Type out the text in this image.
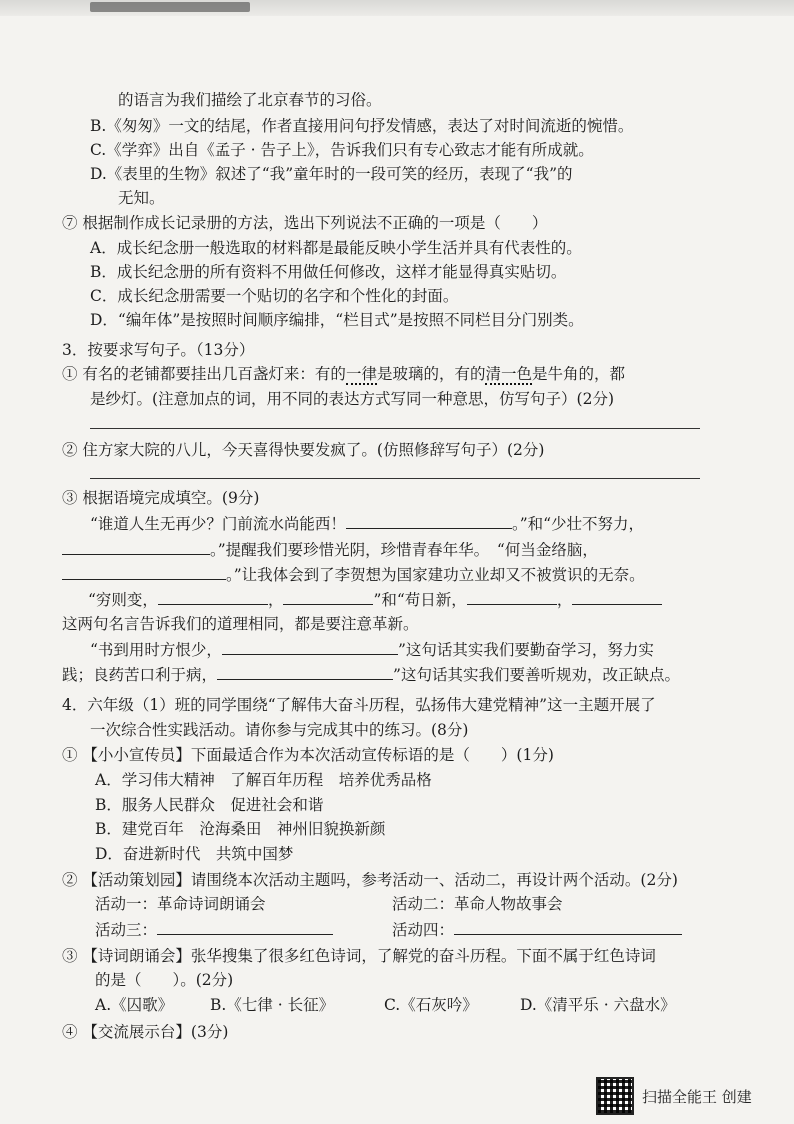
的语言为我们描绘了北京春节的习俗。
B.《匆匆》一文的结尾，作者直接用问句抒发情感，表达了对时间流逝的惋惜。
C.《学弈》出自《孟子 · 告子上》，告诉我们只有专心致志才能有所成就。
D.《表里的生物》叙述了“我”童年时的一段可笑的经历，表现了“我”的
无知。
⑦ 根据制作成长记录册的方法，选出下列说法不正确的一项是（　　）
A．成长纪念册一般选取的材料都是最能反映小学生活并具有代表性的。
B．成长纪念册的所有资料不用做任何修改，这样才能显得真实贴切。
C．成长纪念册需要一个贴切的名字和个性化的封面。
D．“编年体”是按照时间顺序编排，“栏目式”是按照不同栏目分门别类。
3．按要求写句子。（13分）
① 有名的老铺都要挂出几百盏灯来：有的一律是玻璃的，有的清一色是牛角的，都
是纱灯。(注意加点的词，用不同的表达方式写同一种意思，仿写句子）(2分)
② 住方家大院的八儿，今天喜得快要发疯了。(仿照修辞写句子）(2分)
③ 根据语境完成填空。(9分)
“谁道人生无再少？门前流水尚能西！	。”和“少壮不努力，
。”提醒我们要珍惜光阴，珍惜青春年华。　“何当金络脑，
。”让我体会到了李贺想为国家建功立业却又不被赏识的无奈。
“穷则变，	，	”和“苟日新，	，
这两句名言告诉我们的道理相同，都是要注意革新。
“书到用时方恨少，	”这句话其实我们要勤奋学习，努力实
践；良药苦口利于病，	”这句话其实我们要善听规劝，改正缺点。
4．六年级（1）班的同学围绕“了解伟大奋斗历程，弘扬伟大建党精神”这一主题开展了
一次综合性实践活动。请你参与完成其中的练习。(8分)
① 【小小宣传员】下面最适合作为本次活动宣传标语的是（　　）(1分)
A．学习伟大精神　了解百年历程　培养优秀品格
B．服务人民群众　促进社会和谐
B．建党百年　沧海桑田　神州旧貌换新颜
D．奋进新时代　共筑中国梦
② 【活动策划园】请围绕本次活动主题吗，参考活动一、活动二，再设计两个活动。(2分)
活动一：革命诗词朗诵会	活动二：革命人物故事会
活动三：	活动四：
③ 【诗词朗诵会】张华搜集了很多红色诗词，了解党的奋斗历程。下面不属于红色诗词
的是（　　）。(2分)
A.《囚歌》 B.《七律 · 长征》	C.《石灰吟》	D.《清平乐 · 六盘水》
④ 【交流展示台】(3分)
扫描全能王 创建
